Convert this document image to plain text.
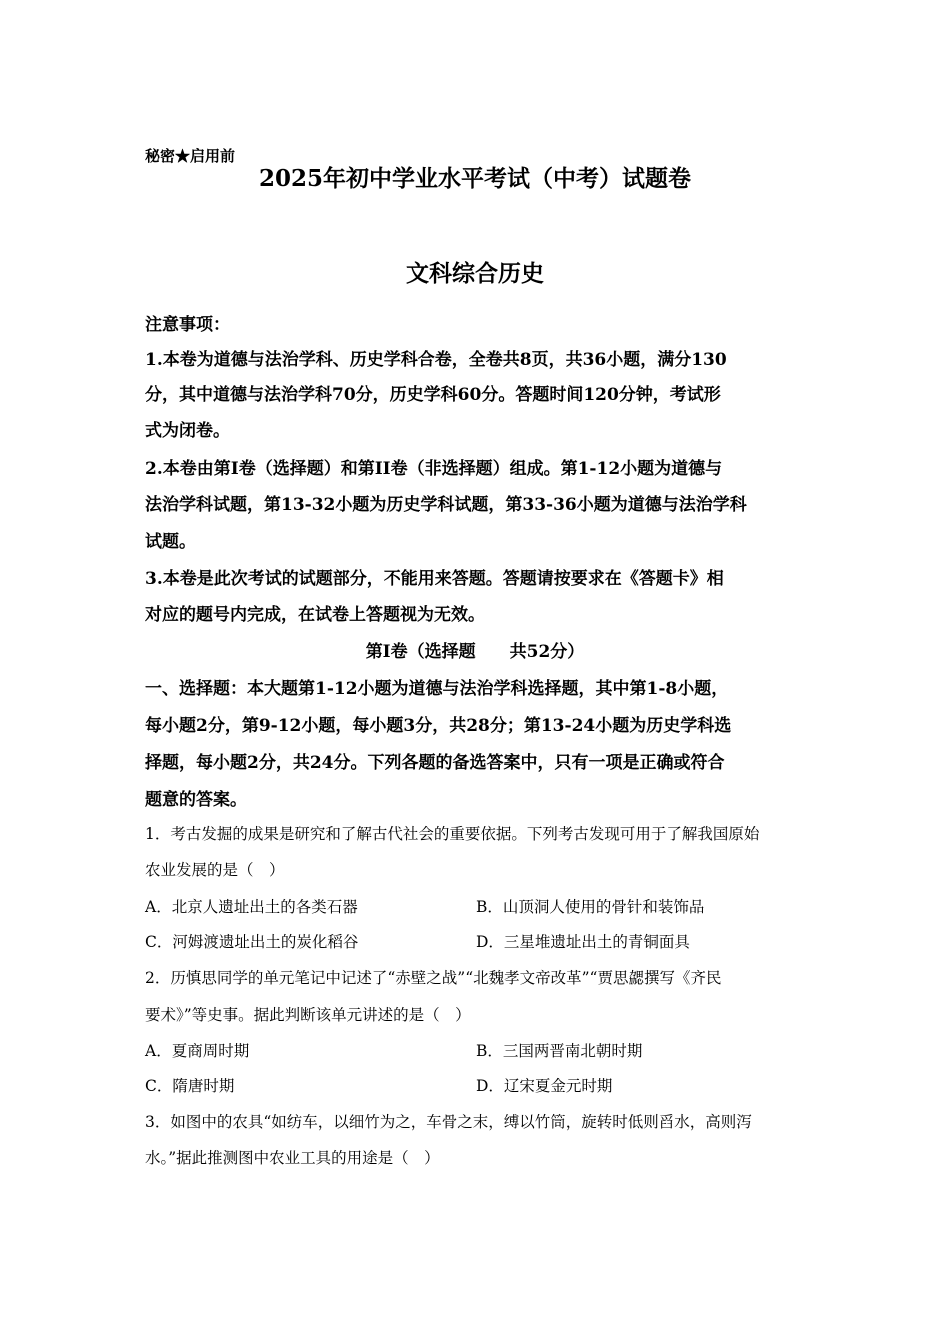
秘密★启用前
2025年初中学业水平考试（中考）试题卷
文科综合历史
注意事项：
1.本卷为道德与法治学科、历史学科合卷，全卷共8页，共36小题，满分130
分，其中道德与法治学科70分，历史学科60分。答题时间120分钟，考试形
式为闭卷。
2.本卷由第I卷（选择题）和第II卷（非选择题）组成。第1-12小题为道德与
法治学科试题，第13-32小题为历史学科试题，第33-36小题为道德与法治学科
试题。
3.本卷是此次考试的试题部分，不能用来答题。答题请按要求在《答题卡》相
对应的题号内完成，在试卷上答题视为无效。
第I卷（选择题 共52分）
一、选择题：本大题第1-12小题为道德与法治学科选择题，其中第1-8小题，
每小题2分，第9-12小题，每小题3分，共28分；第13-24小题为历史学科选
择题，每小题2分，共24分。下列各题的备选答案中，只有一项是正确或符合
题意的答案。
1．考古发掘的成果是研究和了解古代社会的重要依据。下列考古发现可用于了解我国原始
农业发展的是（　）
A．北京人遗址出土的各类石器	B．山顶洞人使用的骨针和装饰品
C．河姆渡遗址出土的炭化稻谷	D．三星堆遗址出土的青铜面具
2．历慎思同学的单元笔记中记述了“赤壁之战”“北魏孝文帝改革”“贾思勰撰写《齐民
要术》”等史事。据此判断该单元讲述的是（　）
A．夏商周时期	B．三国两晋南北朝时期
C．隋唐时期	D．辽宋夏金元时期
3．如图中的农具“如纺车，以细竹为之，车骨之末，缚以竹筒，旋转时低则舀水，高则泻
水。”据此推测图中农业工具的用途是（　）
